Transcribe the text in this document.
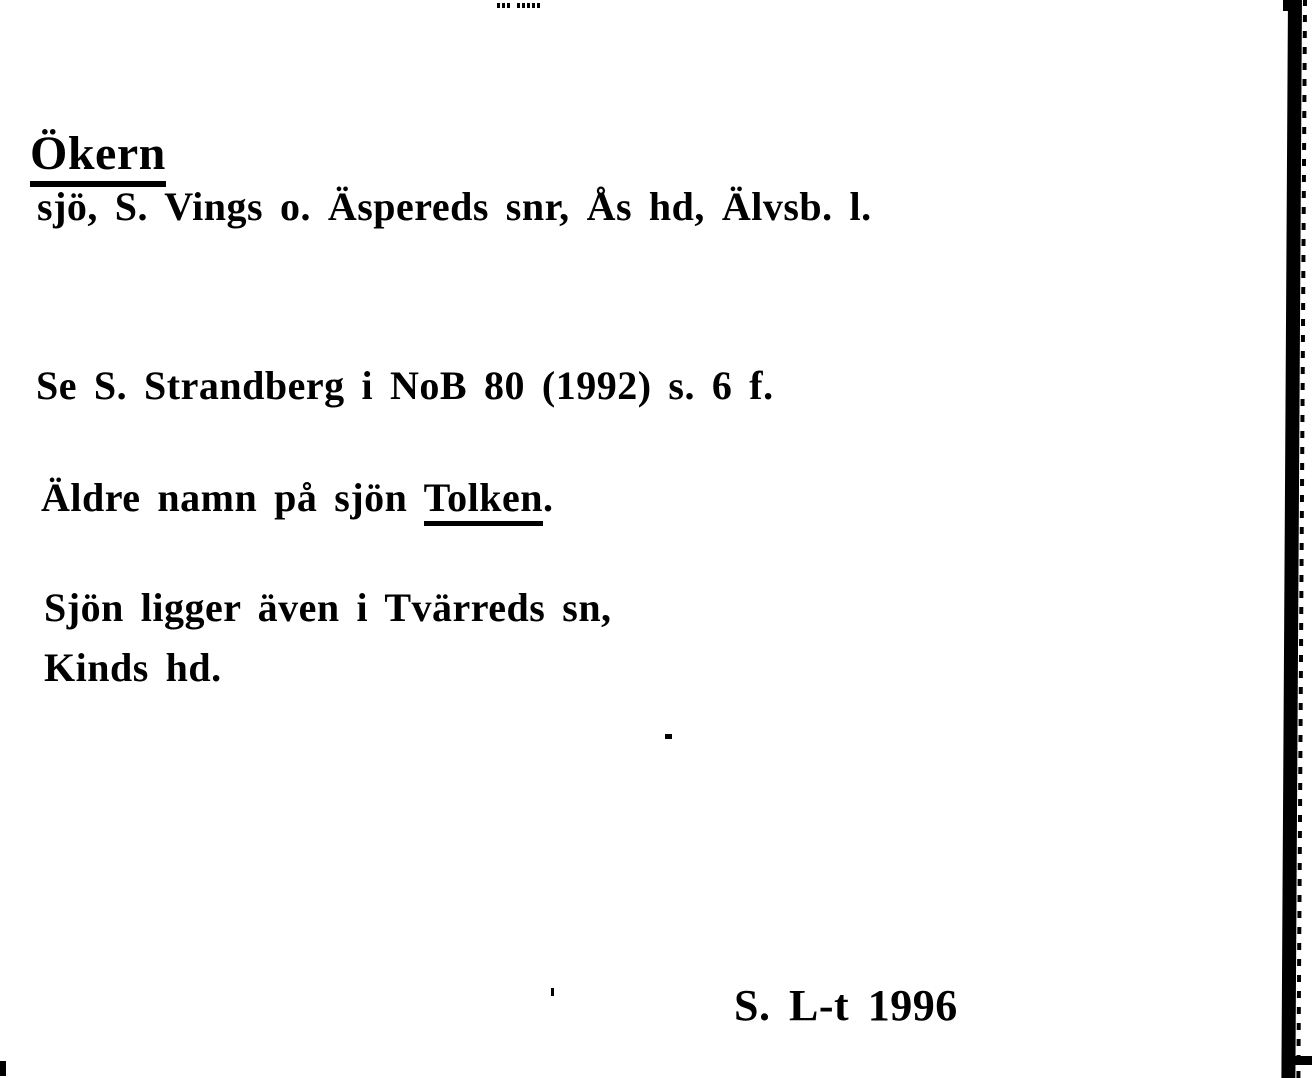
Ökern
sjö, S. Vings o. Äspereds snr, Ås hd, Älvsb. l.
Se S. Strandberg i NoB 80 (1992) s. 6 f.
Äldre namn på sjön Tolken.
Sjön ligger även i Tvärreds sn,
Kinds hd.
S. L-t 1996
